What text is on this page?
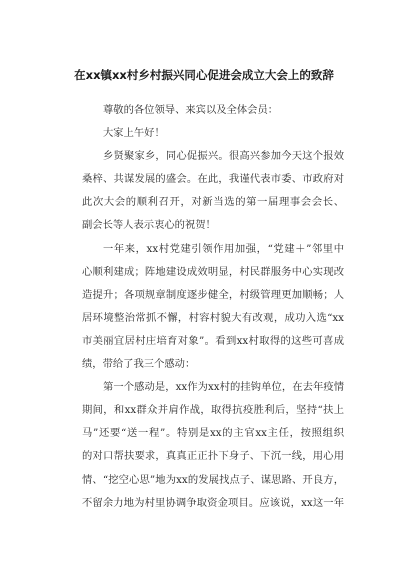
在xx镇xx村乡村振兴同心促进会成立大会上的致辞
尊敬的各位领导、来宾以及全体会员：
大家上午好！
乡贤聚家乡，同心促振兴。很高兴参加今天这个报效
桑梓、共谋发展的盛会。在此，我谨代表市委、市政府对
此次大会的顺利召开，对新当选的第一届理事会会长、
副会长等人表示衷心的祝贺！
一年来，xx村党建引领作用加强，“党建＋”邻里中
心顺利建成；阵地建设成效明显，村民群服务中心实现改
造提升；各项规章制度逐步健全，村级管理更加顺畅；人
居环境整治常抓不懈，村容村貌大有改观，成功入选“xx
市美丽宜居村庄培育对象”。看到xx村取得的这些可喜成
绩，带给了我三个感动：
第一个感动是，xx作为xx村的挂钩单位，在去年疫情
期间，和xx群众并肩作战，取得抗疫胜利后，坚持“扶上
马”还要“送一程”。特别是xx的主官xx主任，按照组织
的对口帮扶要求，真真正正扑下身子、下沉一线，用心用
情、“挖空心思”地为xx的发展找点子、谋思路、开良方，
不留余力地为村里协调争取资金项目。应该说，xx这一年
